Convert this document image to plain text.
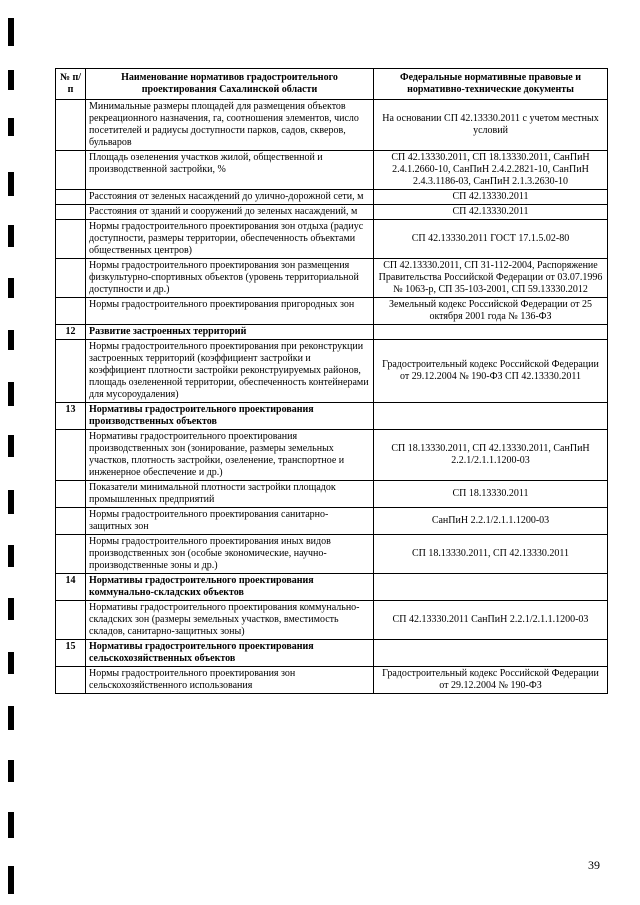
№ п/п	Наименование нормативов градостроительного проектирования Сахалинской области	Федеральные нормативные правовые и нормативно-технические документы
	Минимальные размеры площадей для размещения объектов рекреационного назначения, га, соотношения элементов, число посетителей и радиусы доступности парков, садов, скверов, бульваров	На основании СП 42.13330.2011 с учетом местных условий
	Площадь озеленения участков жилой, общественной и производственной застройки, %	СП 42.13330.2011, СП 18.13330.2011, СанПиН 2.4.1.2660-10, СанПиН 2.4.2.2821-10, СанПиН 2.4.3.1186-03, СанПиН 2.1.3.2630-10
	Расстояния от зеленых насаждений до улично-дорожной сети, м	СП 42.13330.2011
	Расстояния от зданий и сооружений до зеленых насаждений, м	СП 42.13330.2011
	Нормы градостроительного проектирования зон отдыха (радиус доступности, размеры территории, обеспеченность объектами общественных центров)	СП 42.13330.2011 ГОСТ 17.1.5.02-80
	Нормы градостроительного проектирования зон размещения физкультурно-спортивных объектов (уровень территориальной доступности и др.)	СП 42.13330.2011, СП 31-112-2004, Распоряжение Правительства Российской Федерации от 03.07.1996 № 1063-р, СП 35-103-2001, СП 59.13330.2012
	Нормы градостроительного проектирования пригородных зон	Земельный кодекс Российской Федерации от 25 октября 2001 года № 136-ФЗ
12	Развитие застроенных территорий	
	Нормы градостроительного проектирования при реконструкции застроенных территорий (коэффициент застройки и коэффициент плотности застройки реконструируемых районов, площадь озелененной территории, обеспеченность контейнерами для мусороудаления)	Градостроительный кодекс Российской Федерации от 29.12.2004 № 190-ФЗ СП 42.13330.2011
13	Нормативы градостроительного проектирования производственных объектов	
	Нормативы градостроительного проектирования производственных зон (зонирование, размеры земельных участков, плотность застройки, озеленение, транспортное и инженерное обеспечение и др.)	СП 18.13330.2011, СП 42.13330.2011, СанПиН 2.2.1/2.1.1.1200-03
	Показатели минимальной плотности застройки площадок промышленных предприятий	СП 18.13330.2011
	Нормы градостроительного проектирования санитарно-защитных зон	СанПиН 2.2.1/2.1.1.1200-03
	Нормы градостроительного проектирования иных видов производственных зон (особые экономические, научно-производственные зоны и др.)	СП 18.13330.2011, СП 42.13330.2011
14	Нормативы градостроительного проектирования коммунально-складских объектов	
	Нормативы градостроительного проектирования коммунально-складских зон (размеры земельных участков, вместимость складов, санитарно-защитных зоны)	СП 42.13330.2011 СанПиН 2.2.1/2.1.1.1200-03
15	Нормативы градостроительного проектирования сельскохозяйственных объектов	
	Нормы градостроительного проектирования зон сельскохозяйственного использования	Градостроительный кодекс Российской Федерации от 29.12.2004 № 190-ФЗ
39
